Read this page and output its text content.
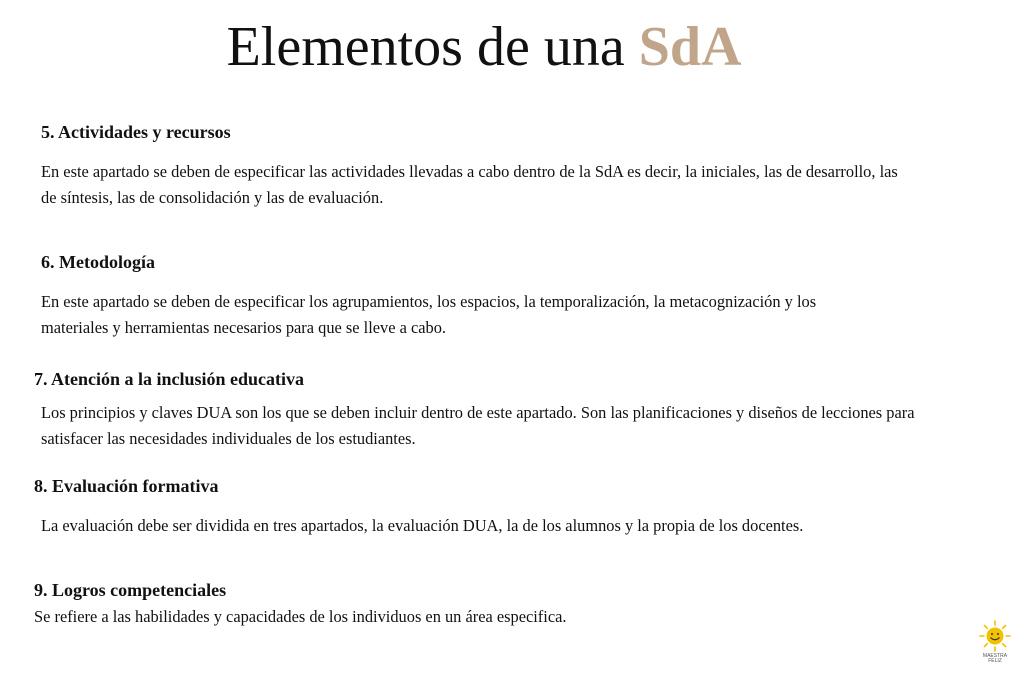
Elementos de una SdA
5. Actividades y recursos

En este apartado se deben de especificar las actividades llevadas a cabo dentro de la SdA es decir, la iniciales, las de desarrollo, las de síntesis, las de consolidación y las de evaluación.

6. Metodología

En este apartado se deben de especificar los agrupamientos, los espacios, la temporalización, la metacognización y los materiales y herramientas necesarios para que se lleve a cabo.

7. Atención a la inclusión educativa

Los principios y claves DUA son los que se deben incluir dentro de este apartado. Son las planificaciones y diseños de lecciones para satisfacer las necesidades individuales de los estudiantes.

8. Evaluación formativa

La evaluación debe ser dividida en tres apartados, la evaluación DUA, la de los alumnos y la propia de los docentes.

9. Logros competenciales

Se refiere a las habilidades y capacidades de los individuos en un área especifica.

MAESTRA
FELIZ
